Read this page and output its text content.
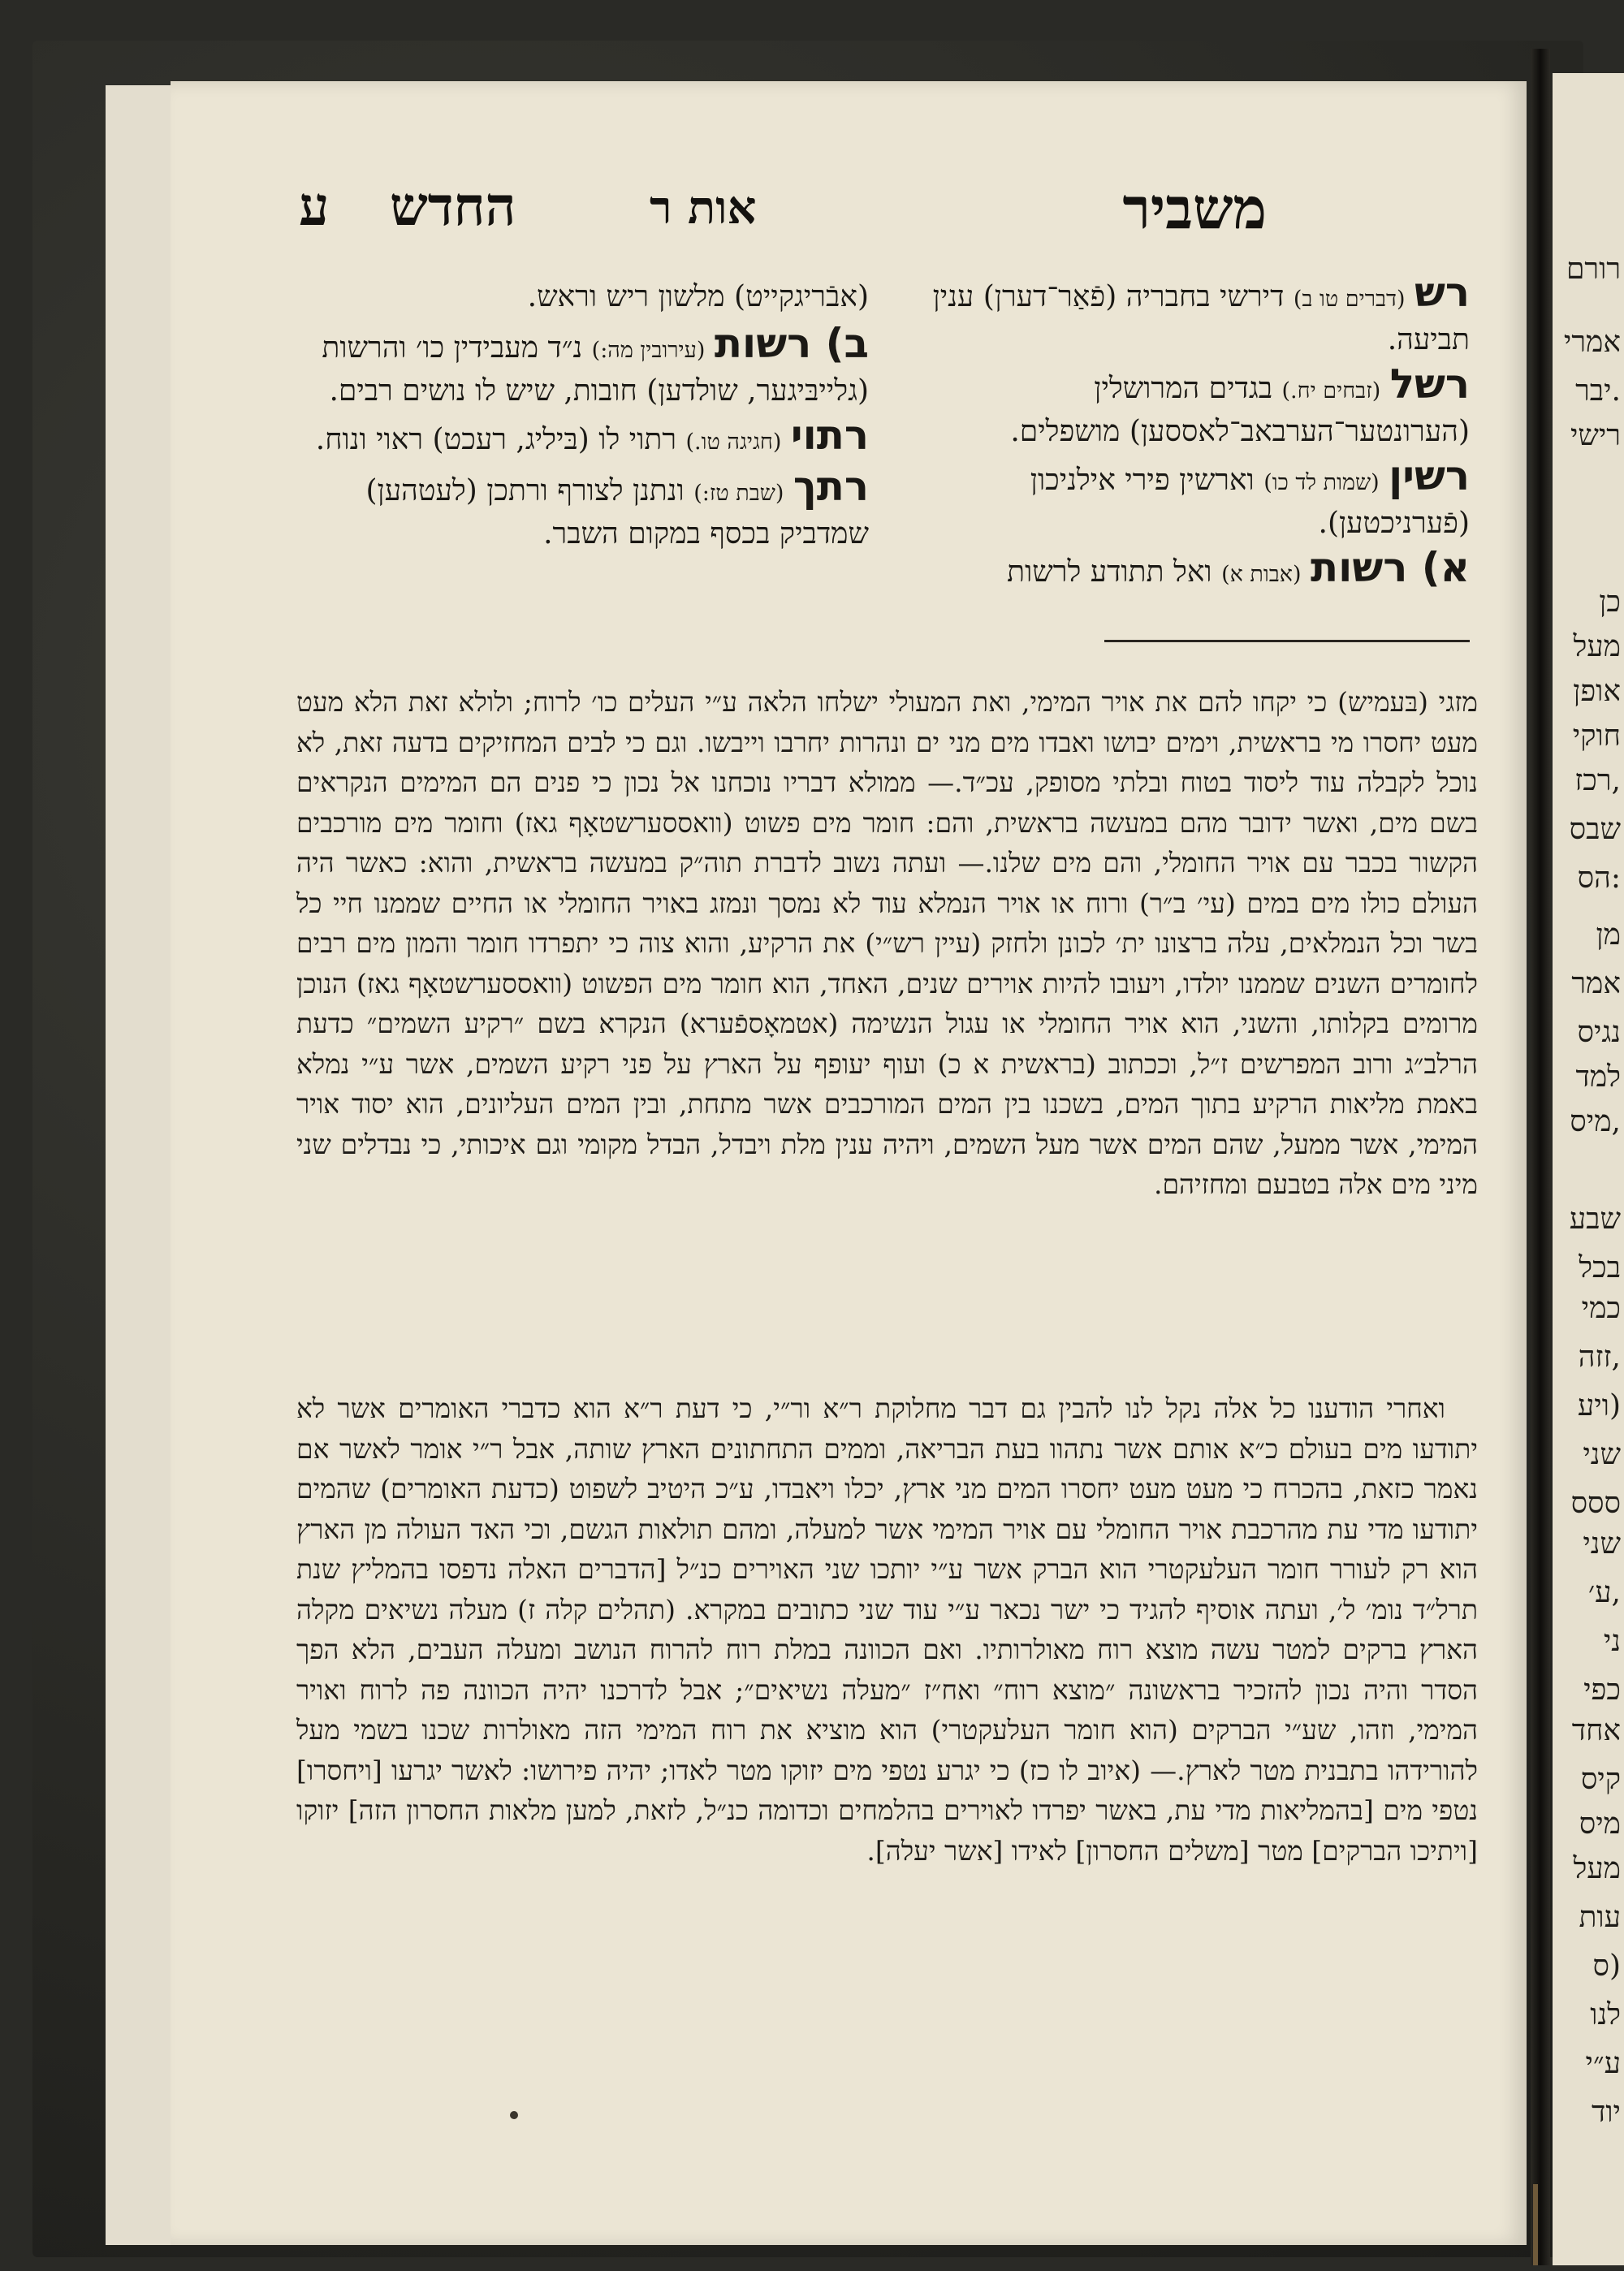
רורם
אמרי
יבר.
רישי
כן
מעל
אופן
חוקי
רכז,
שבס
הס:
מן
אמר
נגיס
למד
מיס,
שבע
בכל
כמי
זזה,
ויע)
שני
ססס
שני
ע׳,
ני
כפי
אחד
קיס
מיס
מעל
עות
ס)
לנו
ע״י
יוד
משביר
אות ר
החדש
ע
רש (דברים טו ב) דירשי בחבריה (פֿאַר־דערן) ענין תביעה.
רשל (זבחים יח.) בגדים המרושלין (הערונטער־הערבאב־לאססען) מושפלים.
רשין (שמות לד כו) וארשין פירי אילניכון (פֿערניכטען).
א) רשות (אבות א) ואל תתודע לרשות
(אבֿריגקייט) מלשון ריש וראש.
ב) רשות (עירובין מה:) נ״ד מעבידין כו׳ והרשות (גלייבּיגער, שולדען) חובות, שיש לו נושים רבים.
רתוי (חגיגה טו.) רתוי לו (בּיליג, רעכט) ראוי ונוח.
רתך (שבת טז:) ונתנן לצורף ורתכן (לעטהען) שמדביק בכסף במקום השבר.
מזגי (בּעמיש) כי יקחו להם את אויר המימי, ואת המעולי ישלחו הלאה ע״י העלים כו׳ לרוח; ולולא זאת הלא מעט מעט יחסרו מי בראשית, וימים יבושו ואבדו מים מני ים ונהרות יחרבו וייבשו. וגם כי לבים המחזיקים בדעה זאת, לא נוכל לקבלה עוד ליסוד בטוח ובלתי מסופק, עכ״ד.— ממולא דבריו נוכחנו אל נכון כי פנים הם המימים הנקראים בשם מים, ואשר ידובר מהם במעשה בראשית, והם: חומר מים פשוט (וואססערשטאָף גאז) וחומר מים מורכבים הקשור בכבר עם אויר החומלי, והם מים שלנו.— ועתה נשוב לדברת תוה״ק במעשה בראשית, והוא: כאשר היה העולם כולו מים במים (עי׳ ב״ר) ורוח או אויר הנמלא עוד לא נמסך ונמזג באויר החומלי או החיים שממנו חיי כל בשר וכל הנמלאים, עלה ברצונו ית׳ לכונן ולחזק (עיין רש״י) את הרקיע, והוא צוה כי יתפרדו חומר והמון מים רבים לחומרים השנים שממנו יולדו, ויעובו להיות אוירים שנים, האחד, הוא חומר מים הפשוט (וואססערשטאָף גאז) הנוכן מרומים בקלותו, והשני, הוא אויר החומלי או עגול הנשימה (אטמאָספֿערא) הנקרא בשם ״רקיע השמים״ כדעת הרלב״ג ורוב המפרשים ז״ל, וככתוב (בראשית א כ) ועוף יעופף על הארץ על פני רקיע השמים, אשר ע״י נמלא באמת מליאות הרקיע בתוך המים, בשכנו בין המים המורכבים אשר מתחת, ובין המים העליונים, הוא יסוד אויר המימי, אשר ממעל, שהם המים אשר מעל השמים, ויהיה ענין מלת ויבדל, הבדל מקומי וגם איכותי, כי נבדלים שני מיני מים אלה בטבעם ומחזיהם.
ואחרי הודענו כל אלה נקל לנו להבין גם דבר מחלוקת ר״א ור״י, כי דעת ר״א הוא כדברי האומרים אשר לא יתודעו מים בעולם כ״א אותם אשר נתהוו בעת הבריאה, וממים התחתונים הארץ שותה, אבל ר״י אומר לאשר אם נאמר כזאת, בהכרח כי מעט מעט יחסרו המים מני ארץ, יכלו ויאבדו, ע״כ היטיב לשפוט (כדעת האומרים) שהמים יתודעו מדי עת מהרכבת אויר החומלי עם אויר המימי אשר למעלה, ומהם תולאות הגשם, וכי האד העולה מן הארץ הוא רק לעורר חומר העלעקטרי הוא הברק אשר ע״י יותכו שני האוירים כנ״ל [הדברים האלה נדפסו בהמליץ שנת תרל״ד נומ׳ ל׳, ועתה אוסיף להגיד כי ישר נכאר ע״י עוד שני כתובים במקרא. (תהלים קלה ז) מעלה נשיאים מקלה הארץ ברקים למטר עשה מוצא רוח מאולרותיו. ואם הכוונה במלת רוח להרוח הנושב ומעלה העבים, הלא הפך הסדר והיה נכון להזכיר בראשונה ״מוצא רוח״ ואח״ז ״מעלה נשיאים״; אבל לדרכנו יהיה הכוונה פה לרוח ואויר המימי, וזהו, שע״י הברקים (הוא חומר העלעקטרי) הוא מוציא את רוח המימי הזה מאולרות שכנו בשמי מעל להורידהו בתבנית מטר לארץ.— (איוב לו כז) כי יגרע נטפי מים יזוקו מטר לאדו; יהיה פירושו: לאשר יגרעו [ויחסרו] נטפי מים [בהמליאות מדי עת, באשר יפרדו לאוירים בהלמחים וכדומה כנ״ל, לזאת, למען מלאות החסרון הזה] יזוקו [ויתיכו הברקים] מטר [משלים החסרון] לאידו [אשר יעלה].
